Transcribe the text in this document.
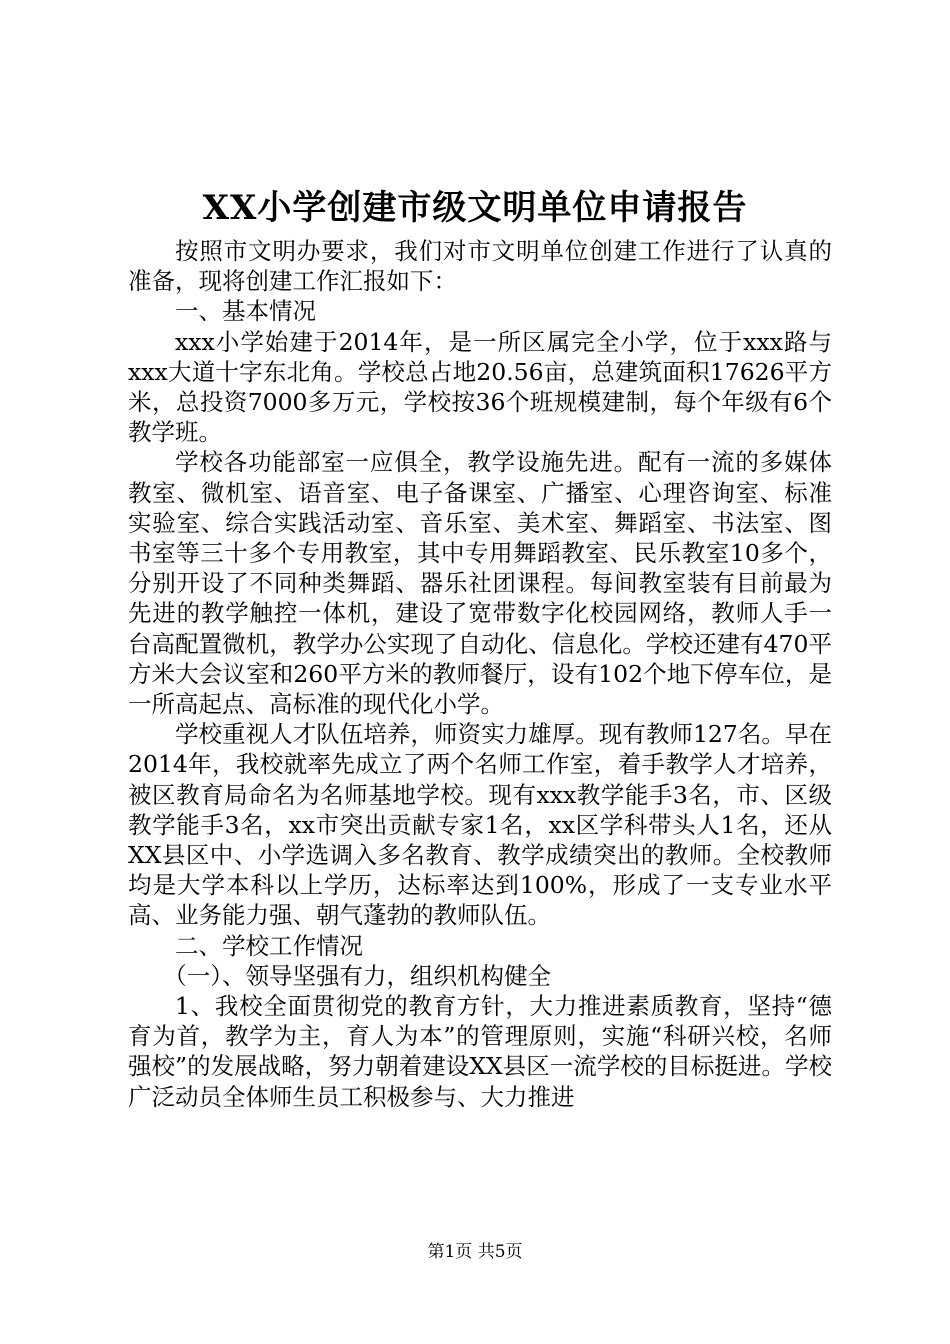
XX小学创建市级文明单位申请报告

按照市文明办要求，我们对市文明单位创建工作进行了认真的准备，现将创建工作汇报如下：

一、基本情况

xxx小学始建于2014年，是一所区属完全小学，位于xxx路与xxx大道十字东北角。学校总占地20.56亩，总建筑面积17626平方米，总投资7000多万元，学校按36个班规模建制，每个年级有6个教学班。

学校各功能部室一应俱全，教学设施先进。配有一流的多媒体教室、微机室、语音室、电子备课室、广播室、心理咨询室、标准实验室、综合实践活动室、音乐室、美术室、舞蹈室、书法室、图书室等三十多个专用教室，其中专用舞蹈教室、民乐教室10多个，分别开设了不同种类舞蹈、器乐社团课程。每间教室装有目前最为先进的教学触控一体机，建设了宽带数字化校园网络，教师人手一台高配置微机，教学办公实现了自动化、信息化。学校还建有470平方米大会议室和260平方米的教师餐厅，设有102个地下停车位，是一所高起点、高标准的现代化小学。

学校重视人才队伍培养，师资实力雄厚。现有教师127名。早在2014年，我校就率先成立了两个名师工作室，着手教学人才培养，被区教育局命名为名师基地学校。现有xxx教学能手3名，市、区级教学能手3名，xx市突出贡献专家1名，xx区学科带头人1名，还从XX县区中、小学选调入多名教育、教学成绩突出的教师。全校教师均是大学本科以上学历，达标率达到100%，形成了一支专业水平高、业务能力强、朝气蓬勃的教师队伍。

二、学校工作情况

（一）、领导坚强有力，组织机构健全

1、我校全面贯彻党的教育方针，大力推进素质教育，坚持“德育为首，教学为主，育人为本”的管理原则，实施“科研兴校，名师强校”的发展战略，努力朝着建设XX县区一流学校的目标挺进。学校广泛动员全体师生员工积极参与、大力推进

第1页 共5页
